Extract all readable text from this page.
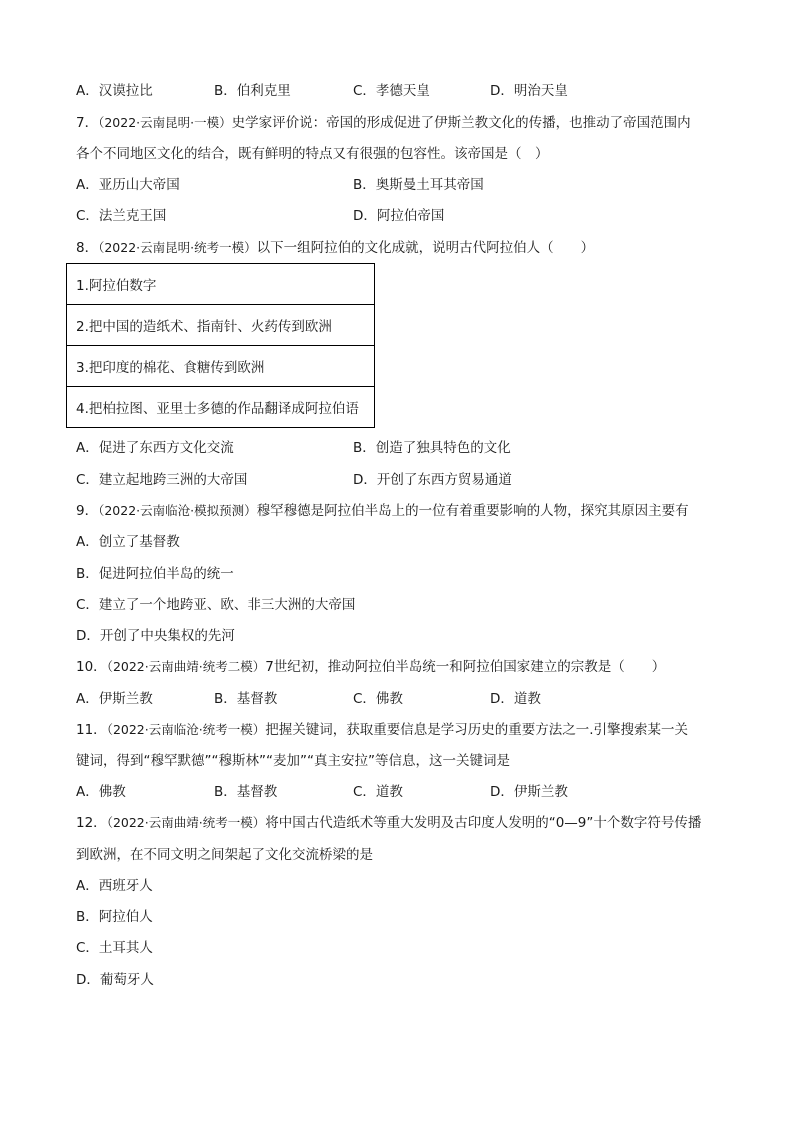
A．汉谟拉比	B．伯利克里	C．孝德天皇	D．明治天皇
7．（2022·云南昆明·一模）史学家评价说：帝国的形成促进了伊斯兰教文化的传播，也推动了帝国范围内
各个不同地区文化的结合，既有鲜明的特点又有很强的包容性。该帝国是（　）
A．亚历山大帝国	B．奥斯曼土耳其帝国
C．法兰克王国	D．阿拉伯帝国
8．（2022·云南昆明·统考一模）以下一组阿拉伯的文化成就，说明古代阿拉伯人（　　）
1.阿拉伯数字
2.把中国的造纸术、指南针、火药传到欧洲
3.把印度的棉花、食糖传到欧洲
4.把柏拉图、亚里士多德的作品翻译成阿拉伯语
A．促进了东西方文化交流	B．创造了独具特色的文化
C．建立起地跨三洲的大帝国	D．开创了东西方贸易通道
9．（2022·云南临沧·模拟预测）穆罕穆德是阿拉伯半岛上的一位有着重要影响的人物，探究其原因主要有
A．创立了基督教
B．促进阿拉伯半岛的统一
C．建立了一个地跨亚、欧、非三大洲的大帝国
D．开创了中央集权的先河
10．（2022·云南曲靖·统考二模）7世纪初，推动阿拉伯半岛统一和阿拉伯国家建立的宗教是（　　）
A．伊斯兰教	B．基督教	C．佛教	D．道教
11．（2022·云南临沧·统考一模）把握关键词，获取重要信息是学习历史的重要方法之一.引擎搜索某一关
键词，得到“穆罕默德”“穆斯林”“麦加”“真主安拉”等信息，这一关键词是
A．佛教	B．基督教	C．道教	D．伊斯兰教
12．（2022·云南曲靖·统考一模）将中国古代造纸术等重大发明及古印度人发明的“0—9”十个数字符号传播
到欧洲，在不同文明之间架起了文化交流桥梁的是
A．西班牙人
B．阿拉伯人
C．土耳其人
D．葡萄牙人
